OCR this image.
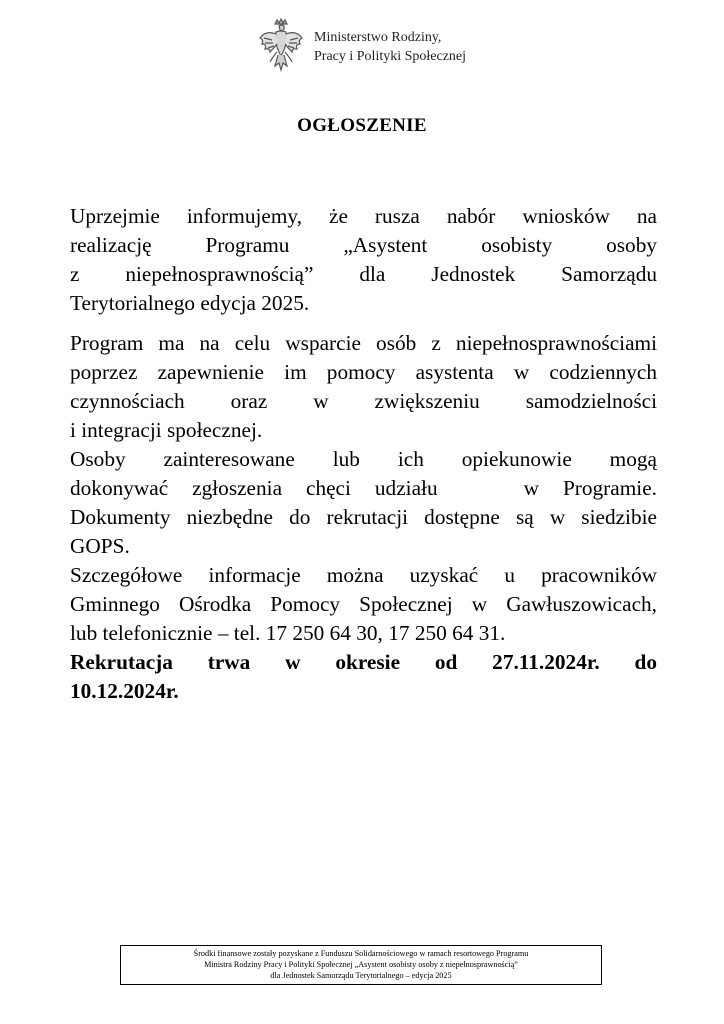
Ministerstwo Rodziny,
Pracy i Polityki Społecznej
OGŁOSZENIE

Uprzejmie informujemy, że rusza nabór wniosków na
realizację Programu „Asystent osobisty osoby
z niepełnosprawnością” dla Jednostek Samorządu
Terytorialnego edycja 2025.

Program ma na celu wsparcie osób z niepełnosprawnościami
poprzez zapewnienie im pomocy asystenta w codziennych
czynnościach oraz w zwiększeniu samodzielności
i integracji społecznej.

Osoby zainteresowane lub ich opiekunowie mogą
dokonywać zgłoszenia chęci udziału	w Programie.

Dokumenty niezbędne do rekrutacji dostępne są w siedzibie
GOPS.

Szczegółowe informacje można uzyskać u pracowników
Gminnego Ośrodka Pomocy Społecznej w Gawłuszowicach,
lub telefonicznie – tel. 17 250 64 30, 17 250 64 31.

Rekrutacja trwa w okresie od 27.11.2024r. do
10.12.2024r.

Środki finansowe zostały pozyskane z Funduszu Solidarnościowego w ramach resortowego Programu
Ministra Rodziny Pracy i Polityki Społecznej „Asystent osobisty osoby z niepełnosprawnością”
dla Jednostek Samorządu Terytorialnego – edycja 2025
